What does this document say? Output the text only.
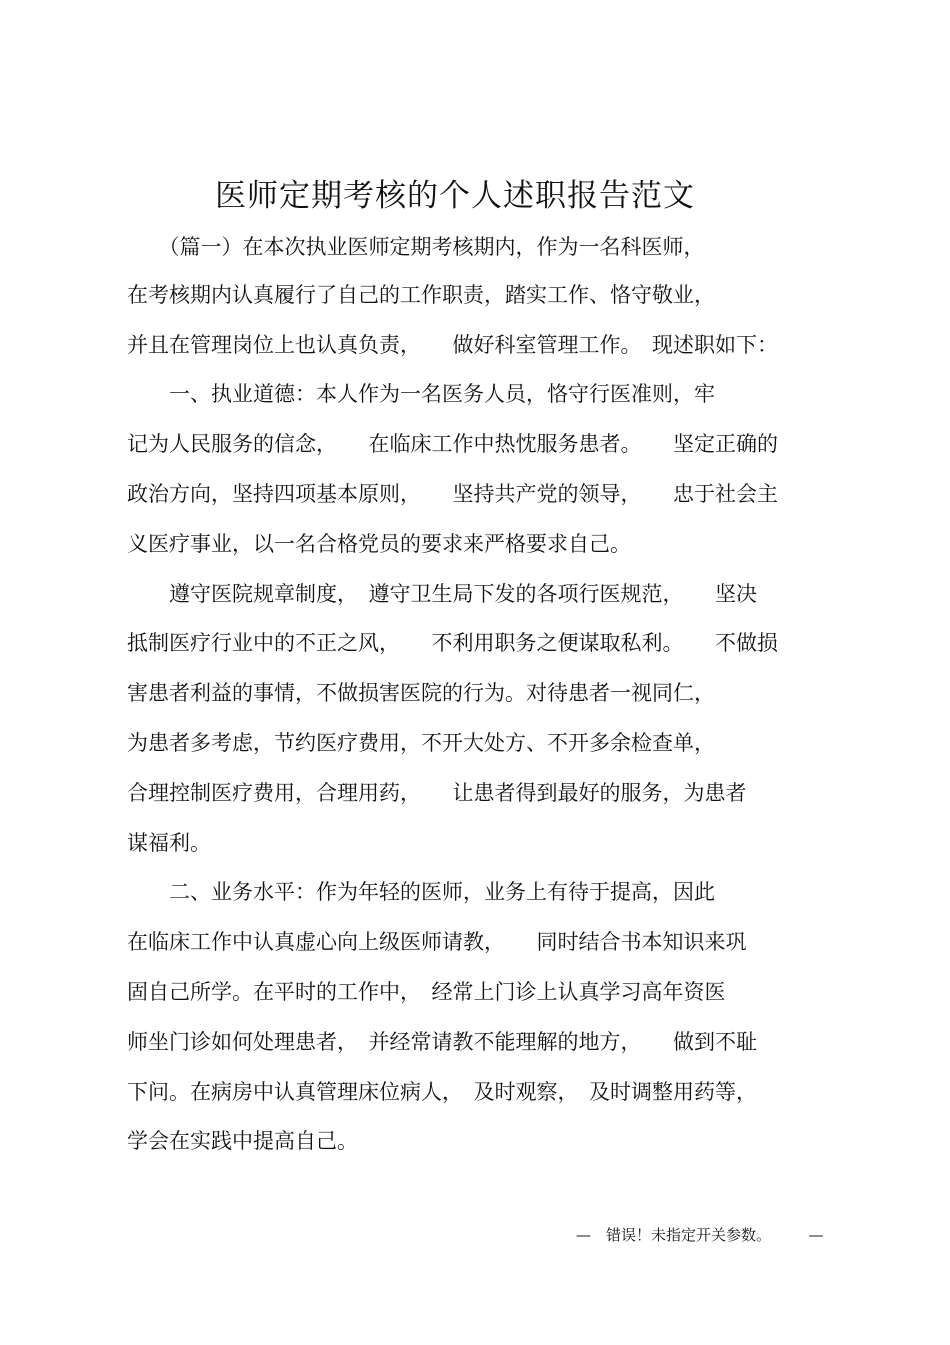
医师定期考核的个人述职报告范文
　　（篇一）在本次执业医师定期考核期内，作为一名科医师，
在考核期内认真履行了自己的工作职责，踏实工作、恪守敬业，
并且在管理岗位上也认真负责，　　做好科室管理工作。　现述职如下：
　　一、执业道德：本人作为一名医务人员，恪守行医准则，牢
记为人民服务的信念，　　在临床工作中热忱服务患者。　　坚定正确的
政治方向，坚持四项基本原则，　　坚持共产党的领导，　　忠于社会主
义医疗事业，以一名合格党员的要求来严格要求自己。
　　遵守医院规章制度，　遵守卫生局下发的各项行医规范，　　坚决
抵制医疗行业中的不正之风，　　不利用职务之便谋取私利。　　不做损
害患者利益的事情，不做损害医院的行为。对待患者一视同仁，
为患者多考虑，节约医疗费用，不开大处方、不开多余检查单，
合理控制医疗费用，合理用药，　　让患者得到最好的服务，为患者
谋福利。
　　二、业务水平：作为年轻的医师，业务上有待于提高，因此
在临床工作中认真虚心向上级医师请教，　　同时结合书本知识来巩
固自己所学。在平时的工作中，　经常上门诊上认真学习高年资医
师坐门诊如何处理患者，　并经常请教不能理解的地方，　　做到不耻
下问。在病房中认真管理床位病人，　及时观察，　及时调整用药等，
学会在实践中提高自己。
—　错误！未指定开关参数。　　　—
